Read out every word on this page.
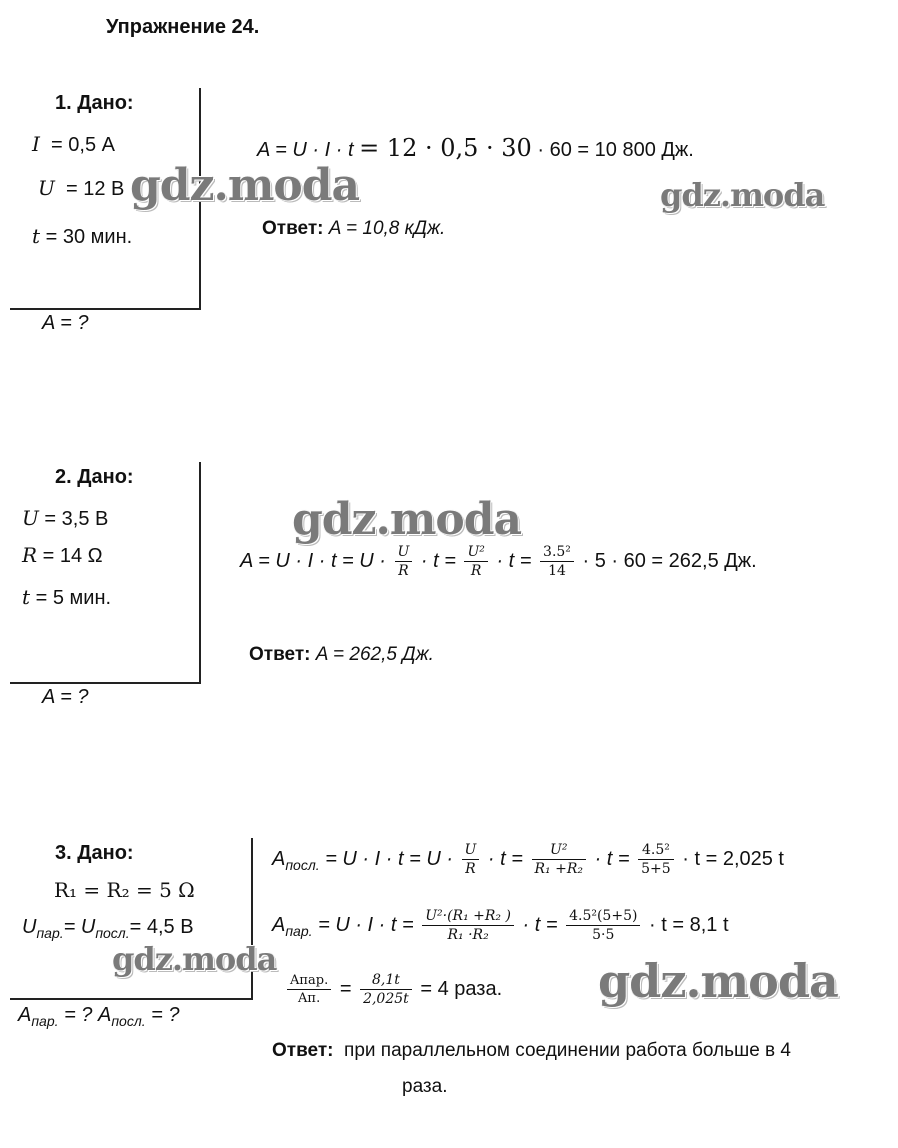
Упражнение 24.
1. Дано:
I = 0,5 А
U = 12 В
t = 30 мин.
A = ?
A = U · I · t = 12 · 0,5 · 30 · 60 = 10 800 Дж.
Ответ: A = 10,8 кДж.
gdz.moda	gdz.moda
2. Дано:
U = 3,5 В
R = 14 Ω
t = 5 мин.
A = ?
$A = U \cdot I \cdot t = U \cdot \frac{U}{R} \cdot t = \frac{\text{U²}}{R} \cdot t = \frac{\text{3.5²}}{14} \cdot 5 \cdot 60 = 262,5$ Дж.
Ответ: A = 262,5 Дж.
gdz.moda
3. Дано:
R₁ = R₂ = 5 Ω
$U_{пар.}= U_{посл.}= 4,5$ В
$A_{пар.}$ = ? $A_{посл.}$ = ?
$A_{посл.} = U \cdot I \cdot t = U \cdot \frac{U}{R} \cdot t = \frac{\text{U²}}{\text{R₁ +R₂}} \cdot t = \frac{\text{4.5²}}{5+5} \cdot t = 2,025$ t
$A_{пар.} = U \cdot I \cdot t = \frac{\text{U²·(R₁ +R₂ )}}{\text{R₁ ·R₂}} \cdot t = \frac{\text{4.5²(5+5)}}{5\cdot 5} \cdot t = 8,1$ t
$\frac{\text{Aпар.}}{Aп.} = \frac{8,1t}{2,025t} = 4$ раза.
Ответ: при параллельном соединении работа больше в 4
раза.
gdz.moda	gdz.moda
